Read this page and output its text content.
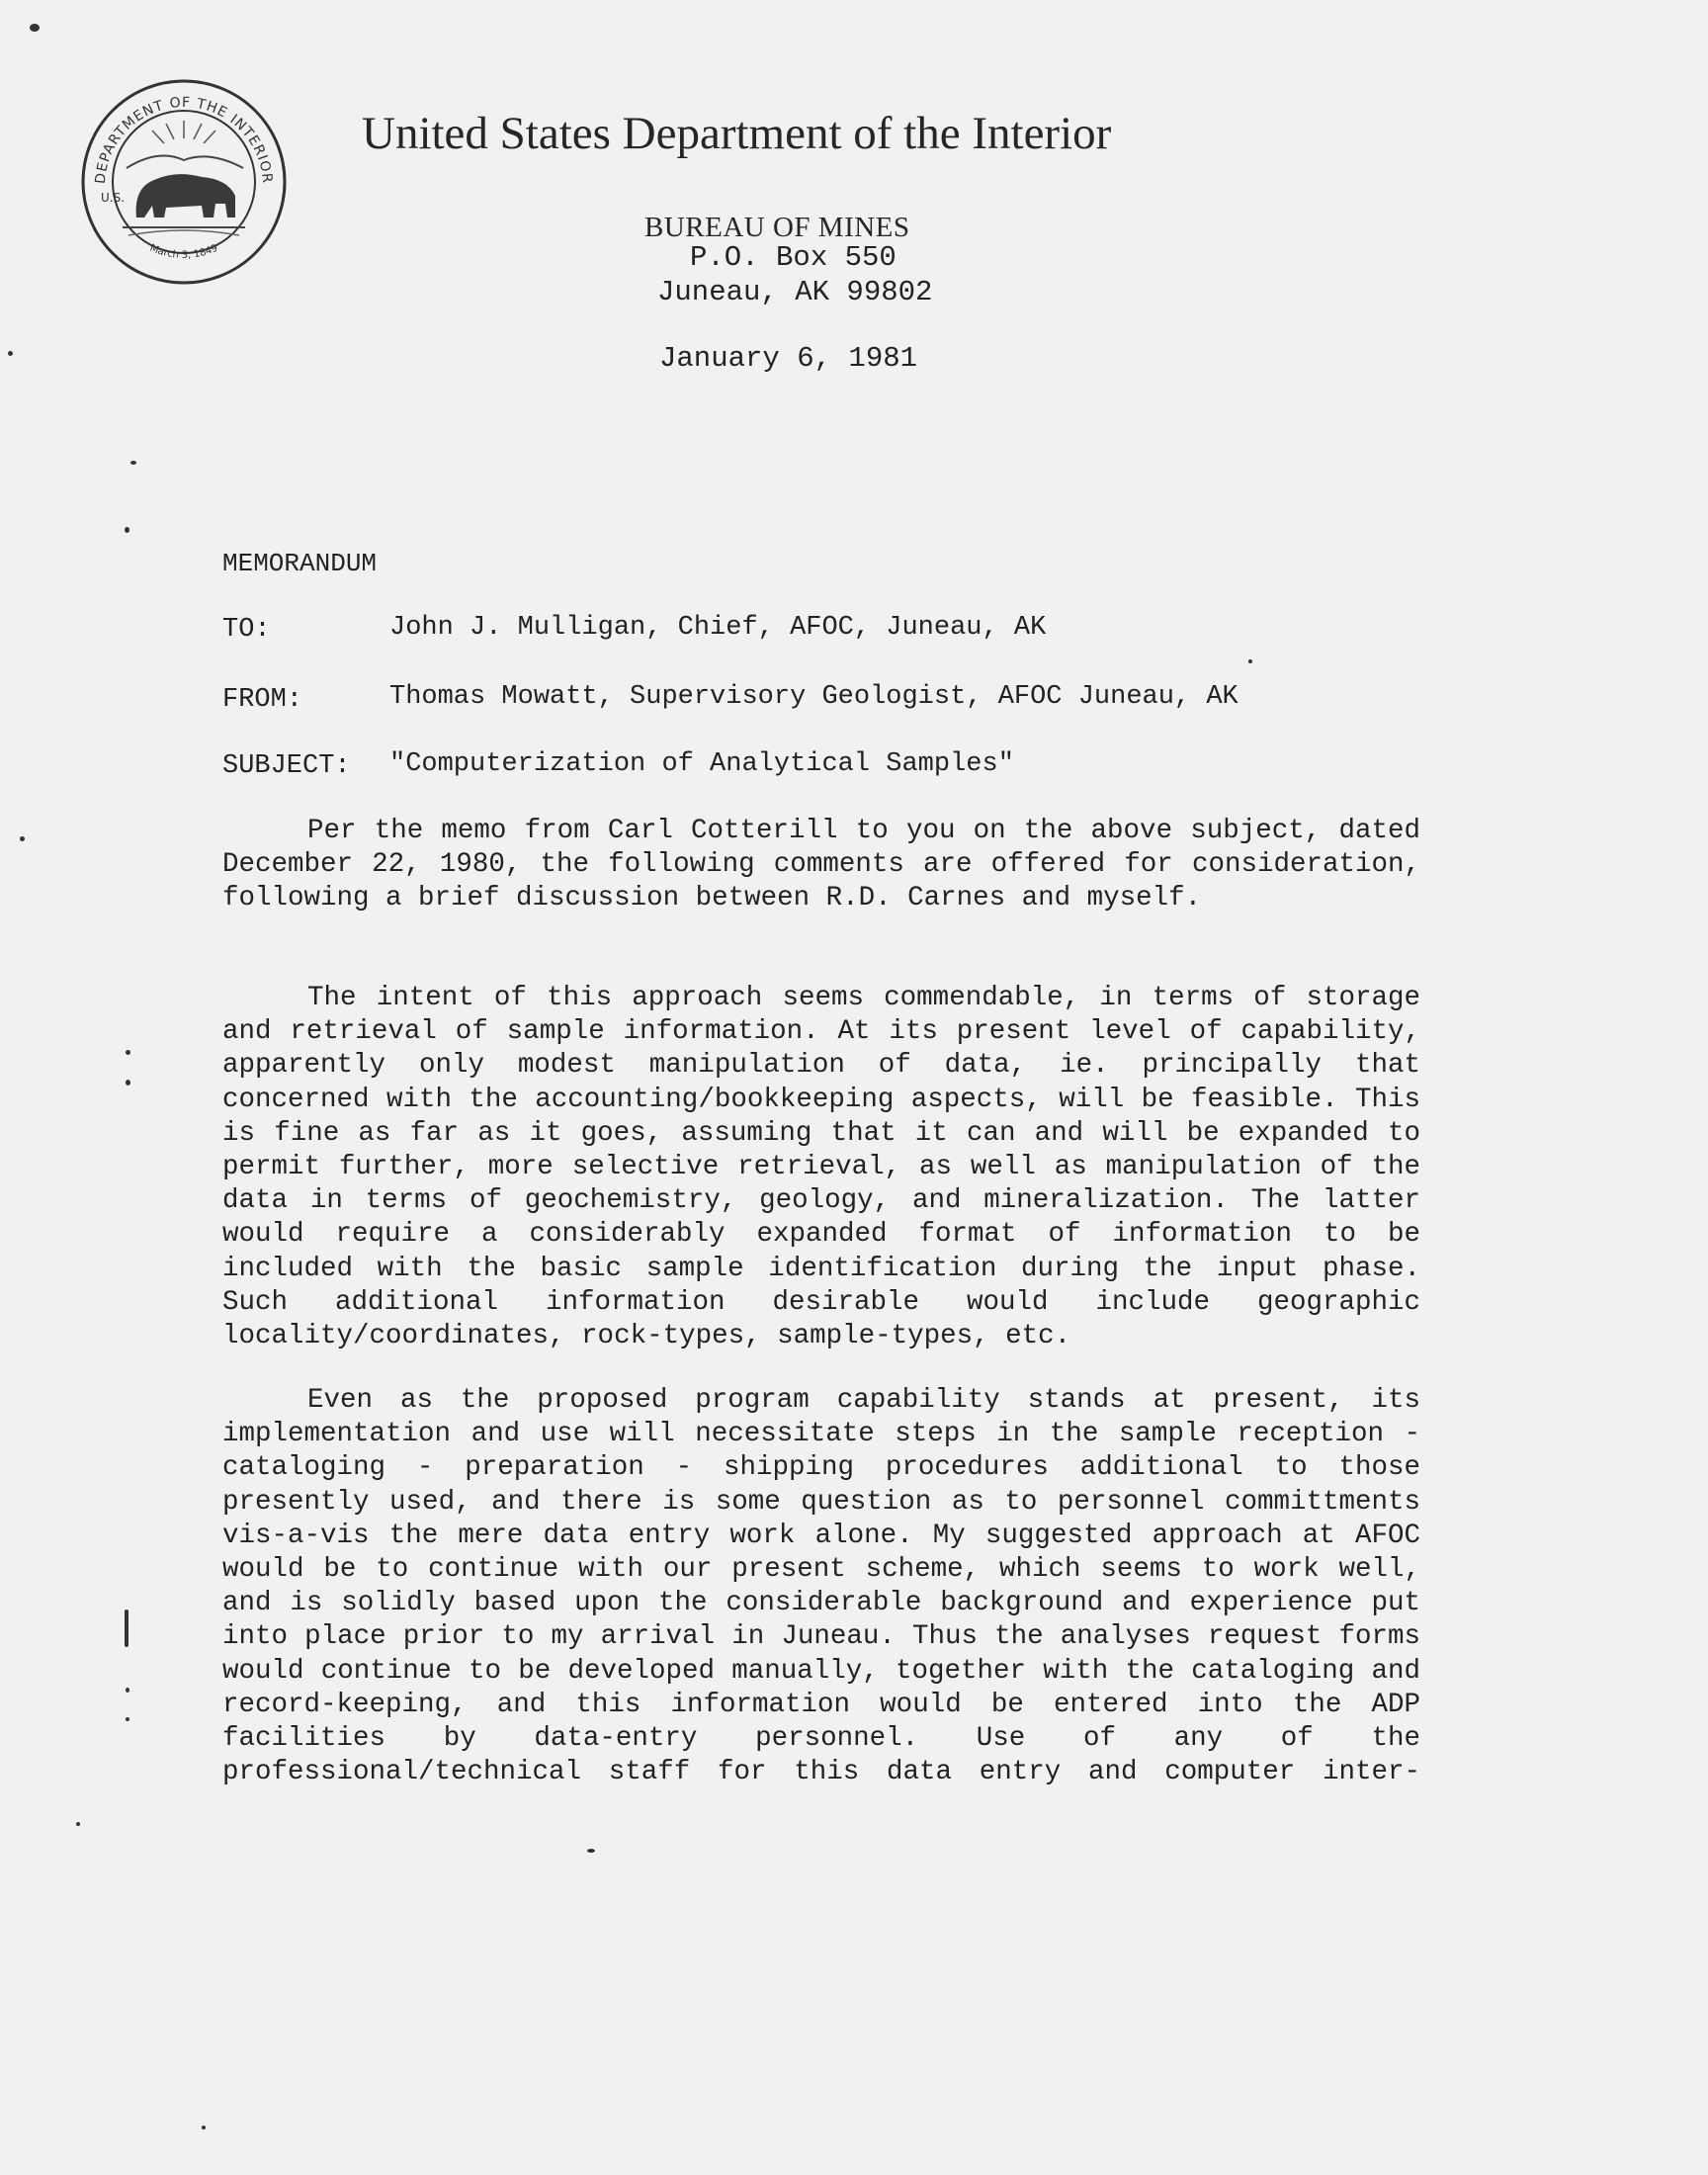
DEPARTMENT OF THE INTERIOR
March 3, 1849
U.S.
United States Department of the Interior
BUREAU OF MINES
P.O. Box 550
Juneau, AK 99802
January 6, 1981
MEMORANDUM
TO:	John J. Mulligan, Chief, AFOC, Juneau, AK
FROM:	Thomas Mowatt, Supervisory Geologist, AFOC Juneau, AK
SUBJECT: "Computerization of Analytical Samples"

Per the memo from Carl Cotterill to you on the above subject, dated December 22, 1980, the following comments are offered for consideration, following a brief discussion between R.D. Carnes and myself.

The intent of this approach seems commendable, in terms of storage and retrieval of sample information. At its present level of capability, apparently only modest manipulation of data, ie. principally that concerned with the accounting/bookkeeping aspects, will be feasible. This is fine as far as it goes, assuming that it can and will be expanded to permit further, more selective retrieval, as well as manipulation of the data in terms of geochemistry, geology, and mineralization. The latter would require a considerably expanded format of information to be included with the basic sample identification during the input phase. Such additional information desirable would include geographic locality/coordinates, rock-types, sample-types, etc.

Even as the proposed program capability stands at present, its implementation and use will necessitate steps in the sample reception - cataloging - preparation - shipping procedures additional to those presently used, and there is some question as to personnel committments vis-a-vis the mere data entry work alone. My suggested approach at AFOC would be to continue with our present scheme, which seems to work well, and is solidly based upon the considerable background and experience put into place prior to my arrival in Juneau. Thus the analyses request forms would continue to be developed manually, together with the cataloging and record-keeping, and this information would be entered into the ADP facilities by data-entry personnel. Use of any of the professional/technical staff for this data entry and computer inter-
